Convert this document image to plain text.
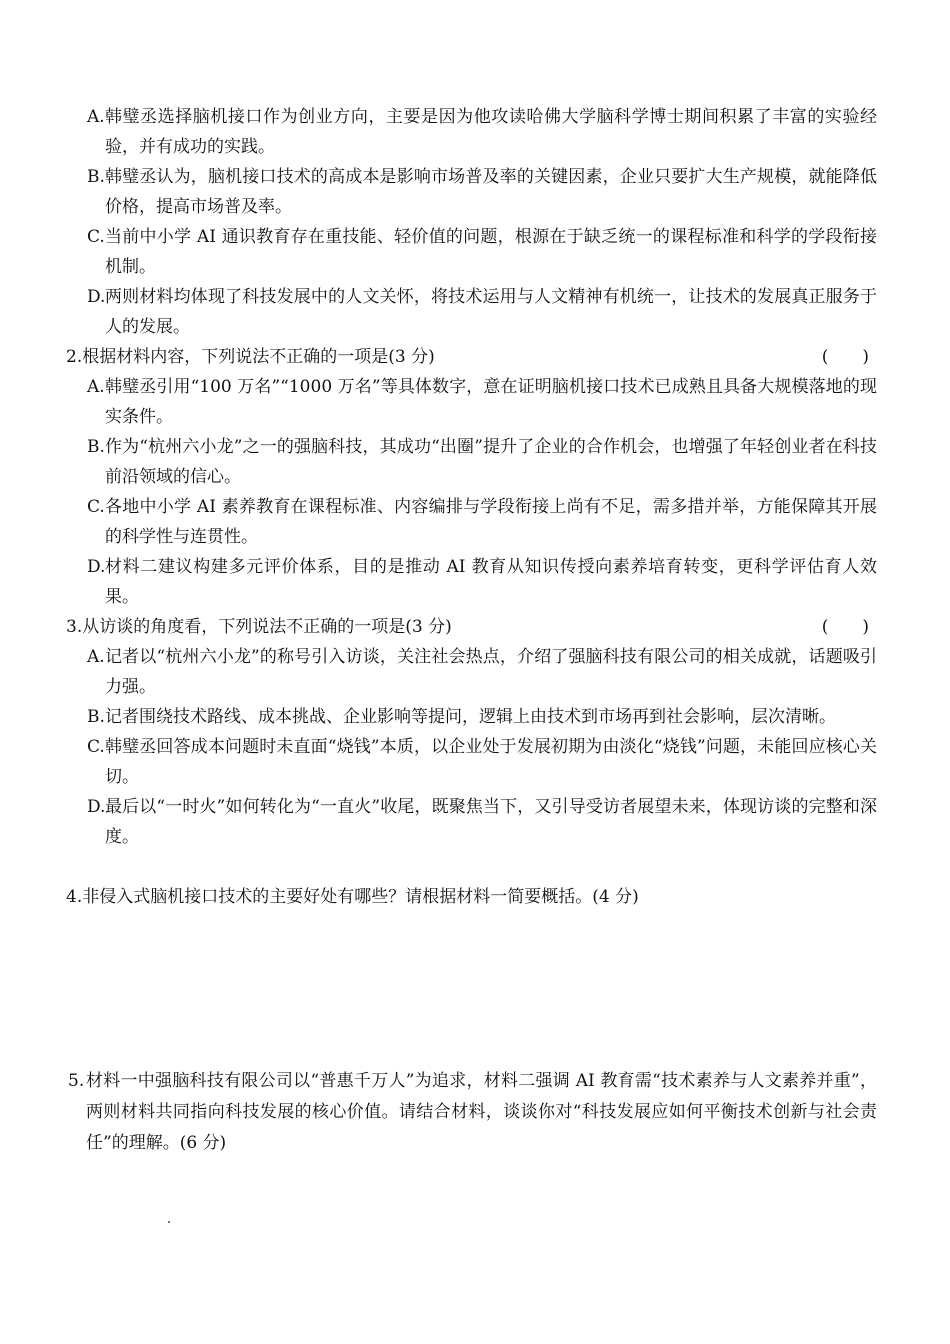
A. 韩璧丞选择脑机接口作为创业方向，主要是因为他攻读哈佛大学脑科学博士期间积累了丰富的实验经验，并有成功的实践。
B. 韩璧丞认为，脑机接口技术的高成本是影响市场普及率的关键因素，企业只要扩大生产规模，就能降低价格，提高市场普及率。
C. 当前中小学 AI 通识教育存在重技能、轻价值的问题，根源在于缺乏统一的课程标准和科学的学段衔接机制。
D. 两则材料均体现了科技发展中的人文关怀，将技术运用与人文精神有机统一，让技术的发展真正服务于人的发展。
2.根据材料内容，下列说法不正确的一项是(3 分)	(　　)
A. 韩璧丞引用“100 万名”“1000 万名”等具体数字，意在证明脑机接口技术已成熟且具备大规模落地的现实条件。
B. 作为“杭州六小龙”之一的强脑科技，其成功“出圈”提升了企业的合作机会，也增强了年轻创业者在科技前沿领域的信心。
C. 各地中小学 AI 素养教育在课程标准、内容编排与学段衔接上尚有不足，需多措并举，方能保障其开展的科学性与连贯性。
D. 材料二建议构建多元评价体系，目的是推动 AI 教育从知识传授向素养培育转变，更科学评估育人效果。
3.从访谈的角度看，下列说法不正确的一项是(3 分)	(　　)
A. 记者以“杭州六小龙”的称号引入访谈，关注社会热点，介绍了强脑科技有限公司的相关成就，话题吸引力强。
B. 记者围绕技术路线、成本挑战、企业影响等提问，逻辑上由技术到市场再到社会影响，层次清晰。
C. 韩璧丞回答成本问题时未直面“烧钱”本质，以企业处于发展初期为由淡化“烧钱”问题，未能回应核心关切。
D. 最后以“一时火”如何转化为“一直火”收尾，既聚焦当下，又引导受访者展望未来，体现访谈的完整和深度。
4.非侵入式脑机接口技术的主要好处有哪些？请根据材料一简要概括。(4 分)
5. 材料一中强脑科技有限公司以“普惠千万人”为追求，材料二强调 AI 教育需“技术素养与人文素养并重”，两则材料共同指向科技发展的核心价值。请结合材料，谈谈你对“科技发展应如何平衡技术创新与社会责任”的理解。(6 分)
